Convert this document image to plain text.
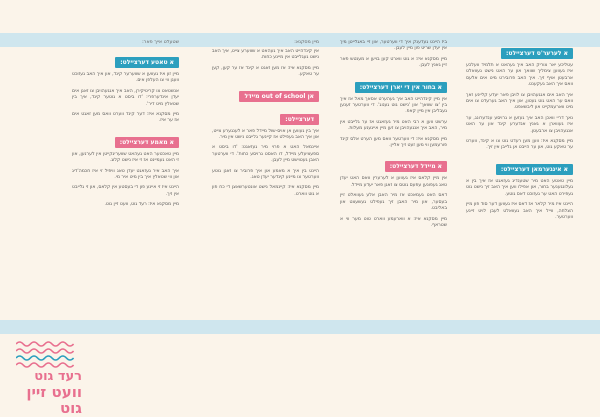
א לערער'ס דערציילט:

עטליכע יאר צוריק האב איך געהאט א תלמיד וועלכע איז געווען צימליך שוואך און ער האט נישט געוואלט ארבעטן אויף זיך. איך האב פרובירט מיט אים אלעס וואס איך האב געקענט.

איך האב אים אנגעהויבן צו לויבן פאר יעדע קליינע זאך וואס ער האט גוט געטון, און איך האב גערעדט צו אים מיט ווארעמקייט און ליבשאפט.

נאך דריי וואכן האב איך געזען א גרויסע ענדערונג, ער איז געווארן א גאנץ אנדערע קינד און ער האט אנגעהויבן צו ארבעטן.

מיין מסקנא איז: ווען מען רעדט גוט צו א קינד, ווערט ער טאקע גוט, און ער הייבט אן גלייבן אין זיך.

א אינגערמאן דערציילט:

מיין טאטע האט מיר שטענדיג געזאגט אז איך בין א געלונגענער בחור, און אפילו ווען איך האב זיך נישט גוט געפירט האט ער געזוכט דאס גוטע.

היינט איז מיר קלאר אז דאס איז געווען דער סוד פון מיין הצלחה, ווייל איך האב געוואלט לעבן לויט זיינע ווערטער.

ביז היינט געדענק איך די ווערטער, און זיי באגלייטן מיך אין יעדן שריט פון מיין לעבן.

מיין מסקנא איז: א גוט ווארט קען בויען א מענטש פאר זיין גאנץ לעבן.

א בחור אין די יארן דערציילט:

אין מיין קינדהייט האב איך געהערט אסאך מאל אז איך בין 'צו שוואך' און 'נישט גוט גענוג'. די ווערטער זענען געבליבן אין מיין קאפ.

ערשט ווען א רבי האט מיר געזאגט אז ער גלייבט אין מיר, האב איך אנגעהויבן צו זען מיין אייגענע מעלות.

מיין מסקנא איז: די ווערטער וואס מען הערט אלס קינד פורעמען ווי מען זעט זיך אליין.

א מיידל דערציילט:

אין מיין קלאס איז געווען א לערערין וואס האט יעדן טאג געפונען עפעס גוטס צו זאגן פאר יעדע מיידל.

דאס האט געמאכט אז מיר האבן אלע געוואלט זיין בעסער, און מיר האבן זיך געפילט געשעצט און באליבט.

מיין מסקנא איז: א ווארעמע ווארט טוט מער ווי א שטראף.

מיין מסקנא:

אין קינדהייט האב איך געהאט א שווערע צייט, איך האב נישט געגלייבט אין מיינע כחות.

מיין מסקנא איז: אז מען זאגט א קינד אז ער קען, קען ער טאקע.

אן out of school מיידל דערציילט:

איך בין געווען אן אויס-שול מיידל פאר א לענגערע צייט, און איך האב געפילט אז קיינער גלייבט נישט אין מיר.

איינמאל האט א פרוי מיר געזאגט: 'דו ביסט א ספעציעלע מיידל, דו האסט גרויסע כחות'. די ווערטער האבן געטוישט מיין לעבן.

היינט בין איך א מאמע און איך פרוביר צו זאגן גוטע ווערטער צו מיינע קינדער יעדן טאג.

מיין מסקנא איז: קיינמאל נישט אונטערשאצן די כח פון א גוט ווארט.

שטעלט אייך פאר:
א טאטע דערציילט:

מיין זון איז געווען א שווערער קינד, און איך האב געזוכט וועגן ווי צו העלפן אים.

אנשטאט צו קריטיקירן, האב איך אנגעהויבן צו זאגן אים יעדן אינדערפרי: 'דו ביסט א גוטער קינד, איך בין שטאלץ מיט דיר'.

מיין מסקנא איז: דער קינד ווערט וואס מען זאגט אים אז ער איז.

א מאמע דערציילט:

מיין טאכטער האט געהאט שוועריגקייטן אין לערנען, און זי האט געמיינט אז זי איז נישט קלוג.

איך האב איר געזאגט יעדן טאג וויפיל זי איז חכמה'דיג און ווי שטאלץ איך בין מיט איר מי.

היינט איז זי איינע פון די בעסטע אין קלאס, און זי גלייבט אין זיך.

מיין מסקנא איז: רעד גוט, וועט זיין גוט.

רעד גוט
וועט זיין גוט
